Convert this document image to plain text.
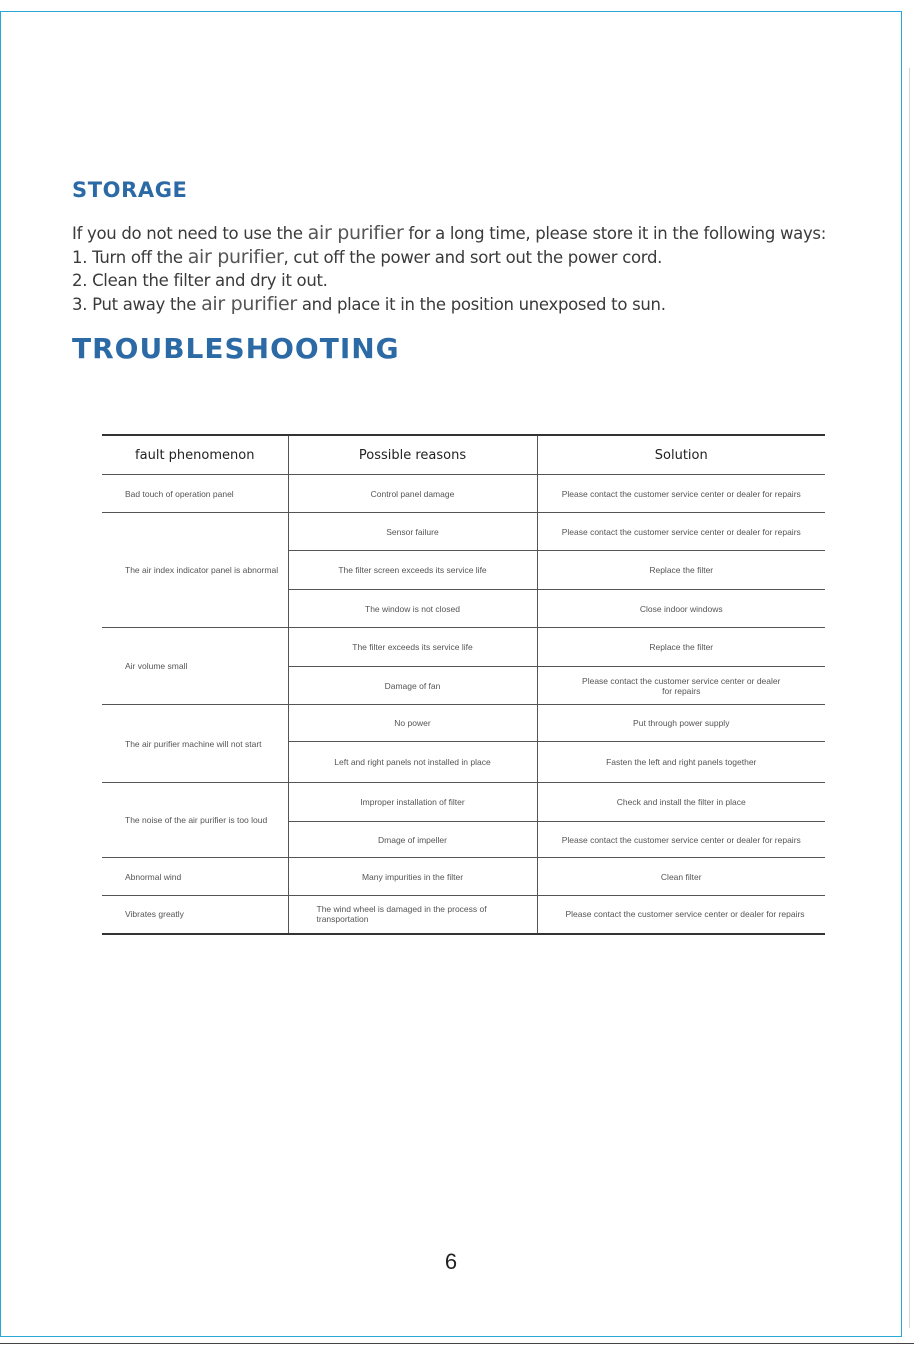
STORAGE

If you do not need to use the air purifier for a long time, please store it in the following ways:

1. Turn off the air purifier, cut off the power and sort out the power cord.

2. Clean the filter and dry it out.

3. Put away the air purifier and place it in the position unexposed to sun.

TROUBLESHOOTING
fault phenomenon	Possible reasons	Solution
Bad touch of operation panel	Control panel damage	Please contact the customer service center or dealer for repairs
The air index indicator panel is abnormal	Sensor failure	Please contact the customer service center or dealer for repairs
	The filter screen exceeds its service life	Replace the filter
	The window is not closed	Close indoor windows
Air volume small	The filter exceeds its service life	Replace the filter
	Damage of fan	Please contact the customer service center or dealer for repairs
The air purifier machine will not start	No power	Put through power supply
	Left and right panels not installed in place	Fasten the left and right panels together
The noise of the air purifier is too loud	Improper installation of filter	Check and install the filter in place
	Dmage of impeller	Please contact the customer service center or dealer for repairs
Abnormal wind	Many impurities in the filter	Clean filter
Vibrates greatly	The wind wheel is damaged in the process of transportation	Please contact the customer service center or dealer for repairs
6
